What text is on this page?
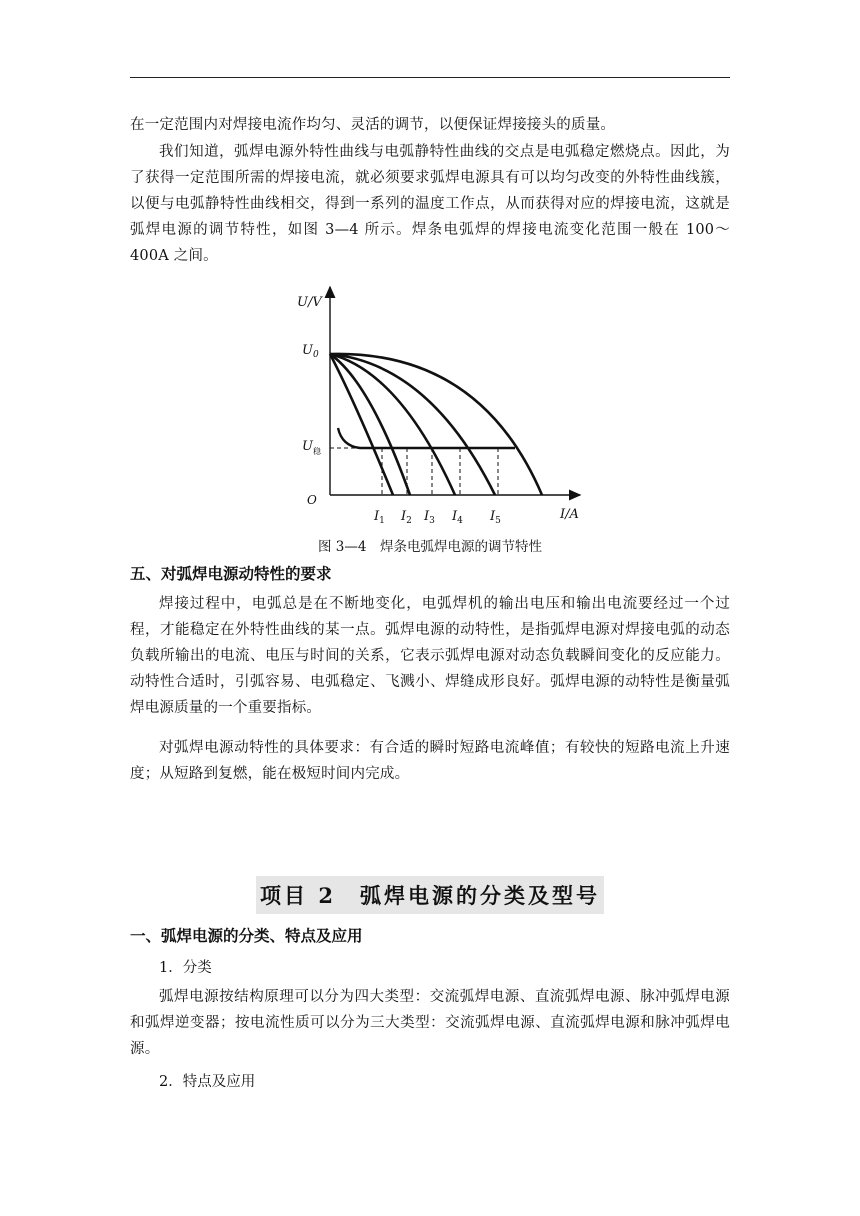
在一定范围内对焊接电流作均匀、灵活的调节，以便保证焊接接头的质量。

我们知道，弧焊电源外特性曲线与电弧静特性曲线的交点是电弧稳定燃烧点。因此，为了获得一定范围所需的焊接电流，就必须要求弧焊电源具有可以均匀改变的外特性曲线簇，以便与电弧静特性曲线相交，得到一系列的温度工作点，从而获得对应的焊接电流，这就是弧焊电源的调节特性，如图 3—4 所示。焊条电弧焊的焊接电流变化范围一般在 100～400A 之间。

U/V
I/A
O
$U_0$
$U_稳$
$I_1$ $I_2$ $I_3$ $I_4$ $I_5$

图 3—4　焊条电弧焊电源的调节特性

五、对弧焊电源动特性的要求

焊接过程中，电弧总是在不断地变化，电弧焊机的输出电压和输出电流要经过一个过程，才能稳定在外特性曲线的某一点。弧焊电源的动特性，是指弧焊电源对焊接电弧的动态负载所输出的电流、电压与时间的关系，它表示弧焊电源对动态负载瞬间变化的反应能力。动特性合适时，引弧容易、电弧稳定、飞溅小、焊缝成形良好。弧焊电源的动特性是衡量弧焊电源质量的一个重要指标。

对弧焊电源动特性的具体要求：有合适的瞬时短路电流峰值；有较快的短路电流上升速度；从短路到复燃，能在极短时间内完成。

项目 2　弧焊电源的分类及型号
一、弧焊电源的分类、特点及应用

1．分类

弧焊电源按结构原理可以分为四大类型：交流弧焊电源、直流弧焊电源、脉冲弧焊电源和弧焊逆变器；按电流性质可以分为三大类型：交流弧焊电源、直流弧焊电源和脉冲弧焊电源。

2．特点及应用
